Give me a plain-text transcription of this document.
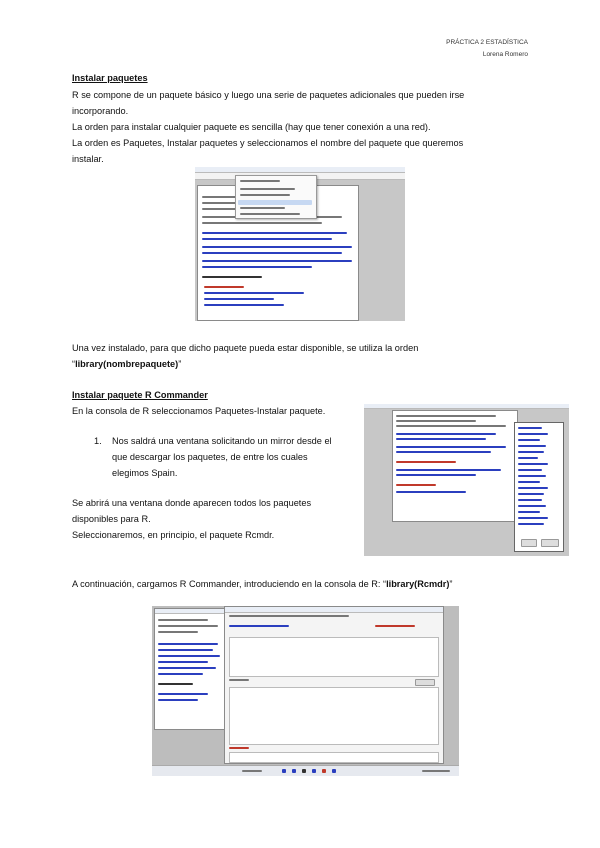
PRÁCTICA 2 ESTADÍSTICA
Lorena Romero

Instalar paquetes

R se compone de un paquete básico y luego una serie de paquetes adicionales que pueden irse

incorporando.

La orden para instalar cualquier paquete es sencilla (hay que tener conexión a una red).

La orden es Paquetes, Instalar paquetes y seleccionamos el nombre del paquete que queremos

instalar.

Una vez instalado, para que dicho paquete pueda estar disponible, se utiliza la orden

“library(nombrepaquete)”

Instalar paquete R Commander

En la consola de R seleccionamos Paquetes-Instalar paquete.

1. Nos saldrá una ventana solicitando un mirror desde el

que descargar los paquetes, de entre los cuales

elegimos Spain.

Se abrirá una ventana donde aparecen todos los paquetes

disponibles para R.

Seleccionaremos, en principio, el paquete Rcmdr.

A continuación, cargamos R Commander, introduciendo en la consola de R: “library(Rcmdr)”
